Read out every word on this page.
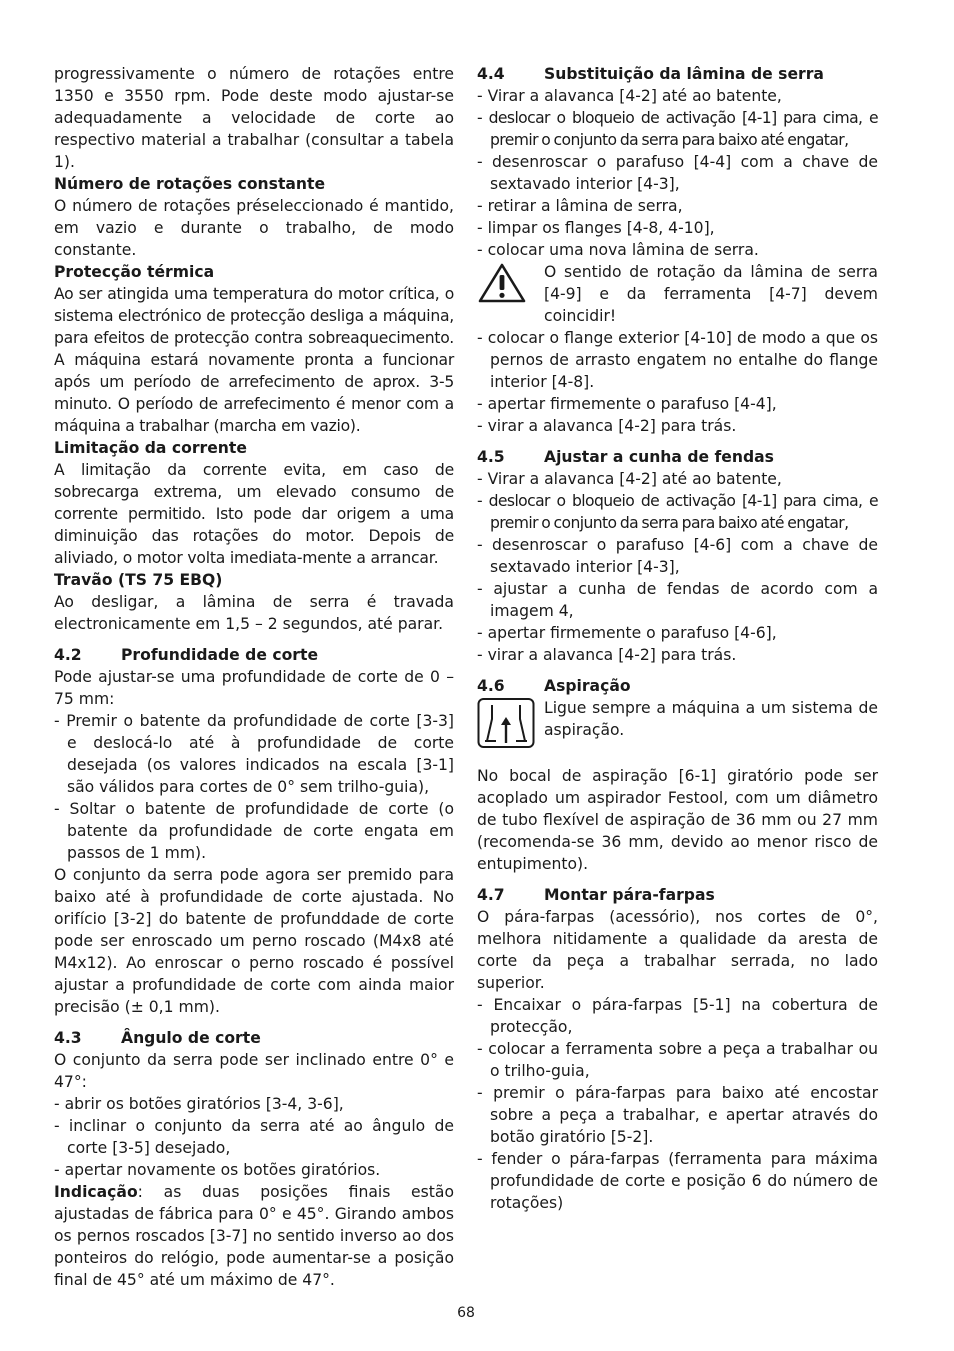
progressivamente o número de rotações entre 1350 e 3550 rpm. Pode deste modo ajustar-se adequadamente a velocidade de corte ao respectivo material a trabalhar (consultar a tabela 1).

Número de rotações constante

O número de rotações préseleccionado é mantido, em vazio e durante o trabalho, de modo constante.

Protecção térmica

Ao ser atingida uma temperatura do motor crítica, o sistema electrónico de protecção desliga a máquina, para efeitos de protecção contra sobreaquecimento. A máquina estará novamente pronta a funcionar após um período de arrefecimento de aprox. 3-5 minuto. O período de arrefecimento é menor com a máquina a trabalhar (marcha em vazio).

Limitação da corrente

A limitação da corrente evita, em caso de sobrecarga extrema, um elevado consumo de corrente permitido. Isto pode dar origem a uma diminuição das rotações do motor. Depois de aliviado, o motor volta imediata-mente a arrancar.

Travão (TS 75 EBQ)

Ao desligar, a lâmina de serra é travada electronicamente em 1,5 – 2 segundos, até parar.

4.2	Profundidade de corte

Pode ajustar-se uma profundidade de corte de 0 – 75 mm:

- Premir o batente da profundidade de corte [3-3] e deslocá-lo até à profundidade de corte desejada (os valores indicados na escala [3-1] são válidos para cortes de 0° sem trilho-guia),

- Soltar o batente de profundidade de corte (o batente da profundidade de corte engata em passos de 1 mm).

O conjunto da serra pode agora ser premido para baixo até à profundidade de corte ajustada. No orifício [3-2] do batente de profunddade de corte pode ser enroscado um perno roscado (M4x8 até M4x12). Ao enroscar o perno roscado é possível ajustar a profundidade de corte com ainda maior precisão (± 0,1 mm).

4.3	Ângulo de corte

O conjunto da serra pode ser inclinado entre 0° e 47°:

- abrir os botões giratórios [3-4, 3-6],

- inclinar o conjunto da serra até ao ângulo de corte [3-5] desejado,

- apertar novamente os botões giratórios.

Indicação: as duas posições finais estão ajustadas de fábrica para 0° e 45°. Girando ambos os pernos roscados [3-7] no sentido inverso ao dos ponteiros do relógio, pode aumentar-se a posição final de 45° até um máximo de 47°.

4.4	Substituição da lâmina de serra

- Virar a alavanca [4-2] até ao batente,

- deslocar o bloqueio de activação [4-1] para cima, e premir o conjunto da serra para baixo até engatar,

- desenroscar o parafuso [4-4] com a chave de sextavado interior [4-3],

- retirar a lâmina de serra,

- limpar os flanges [4-8, 4-10],

- colocar uma nova lâmina de serra.

O sentido de rotação da lâmina de serra [4-9] e da ferramenta [4-7] devem coincidir!

- colocar o flange exterior [4-10] de modo a que os pernos de arrasto engatem no entalhe do flange interior [4-8].

- apertar firmemente o parafuso [4-4],

- virar a alavanca [4-2] para trás.

4.5	Ajustar a cunha de fendas

- Virar a alavanca [4-2] até ao batente,

- deslocar o bloqueio de activação [4-1] para cima, e premir o conjunto da serra para baixo até engatar,

- desenroscar o parafuso [4-6] com a chave de sextavado interior [4-3],

- ajustar a cunha de fendas de acordo com a imagem 4,

- apertar firmemente o parafuso [4-6],

- virar a alavanca [4-2] para trás.

4.6	Aspiração

Ligue sempre a máquina a um sistema de aspiração.

No bocal de aspiração [6-1] giratório pode ser acoplado um aspirador Festool, com um diâmetro de tubo flexível de aspiração de 36 mm ou 27 mm (recomenda-se 36 mm, devido ao menor risco de entupimento).

4.7	Montar pára-farpas

O pára-farpas (acessório), nos cortes de 0°, melhora nitidamente a qualidade da aresta de corte da peça a trabalhar serrada, no lado superior.

- Encaixar o pára-farpas [5-1] na cobertura de protecção,

- colocar a ferramenta sobre a peça a trabalhar ou o trilho-guia,

- premir o pára-farpas para baixo até encostar sobre a peça a trabalhar, e apertar através do botão giratório [5-2].

- fender o pára-farpas (ferramenta para máxima profundidade de corte e posição 6 do número de rotações)

68
